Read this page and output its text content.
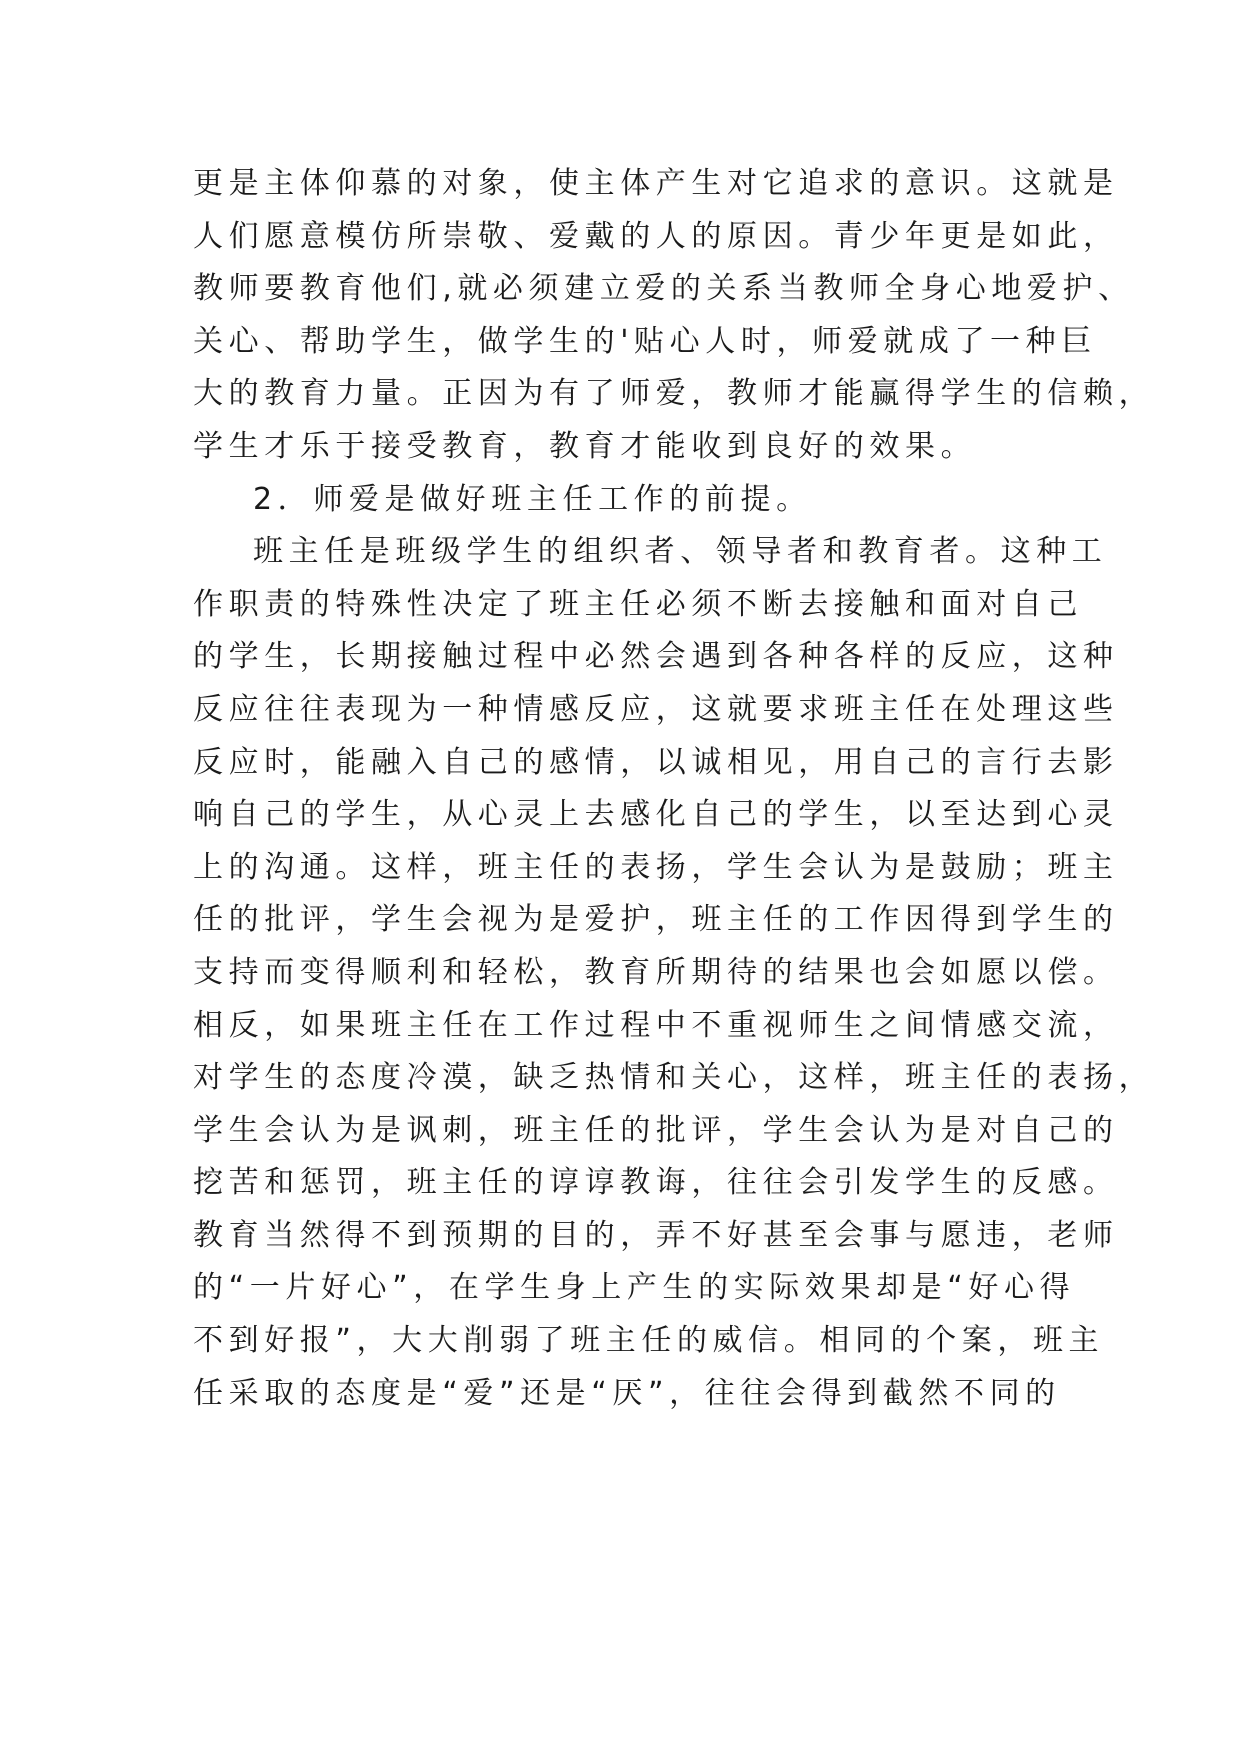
更是主体仰慕的对象，使主体产生对它追求的意识。这就是
人们愿意模仿所崇敬、爱戴的人的原因。青少年更是如此，
教师要教育他们,就必须建立爱的关系当教师全身心地爱护、
关心、帮助学生，做学生的'贴心人时，师爱就成了一种巨
大的教育力量。正因为有了师爱，教师才能赢得学生的信赖，
学生才乐于接受教育，教育才能收到良好的效果。
2．师爱是做好班主任工作的前提。
班主任是班级学生的组织者、领导者和教育者。这种工
作职责的特殊性决定了班主任必须不断去接触和面对自己
的学生，长期接触过程中必然会遇到各种各样的反应，这种
反应往往表现为一种情感反应，这就要求班主任在处理这些
反应时，能融入自己的感情，以诚相见，用自己的言行去影
响自己的学生，从心灵上去感化自己的学生，以至达到心灵
上的沟通。这样，班主任的表扬，学生会认为是鼓励；班主
任的批评，学生会视为是爱护，班主任的工作因得到学生的
支持而变得顺利和轻松，教育所期待的结果也会如愿以偿。
相反，如果班主任在工作过程中不重视师生之间情感交流，
对学生的态度冷漠，缺乏热情和关心，这样，班主任的表扬，
学生会认为是讽刺，班主任的批评，学生会认为是对自己的
挖苦和惩罚，班主任的谆谆教诲，往往会引发学生的反感。
教育当然得不到预期的目的，弄不好甚至会事与愿违，老师
的“一片好心”，在学生身上产生的实际效果却是“好心得
不到好报”，大大削弱了班主任的威信。相同的个案，班主
任采取的态度是“爱”还是“厌”，往往会得到截然不同的
